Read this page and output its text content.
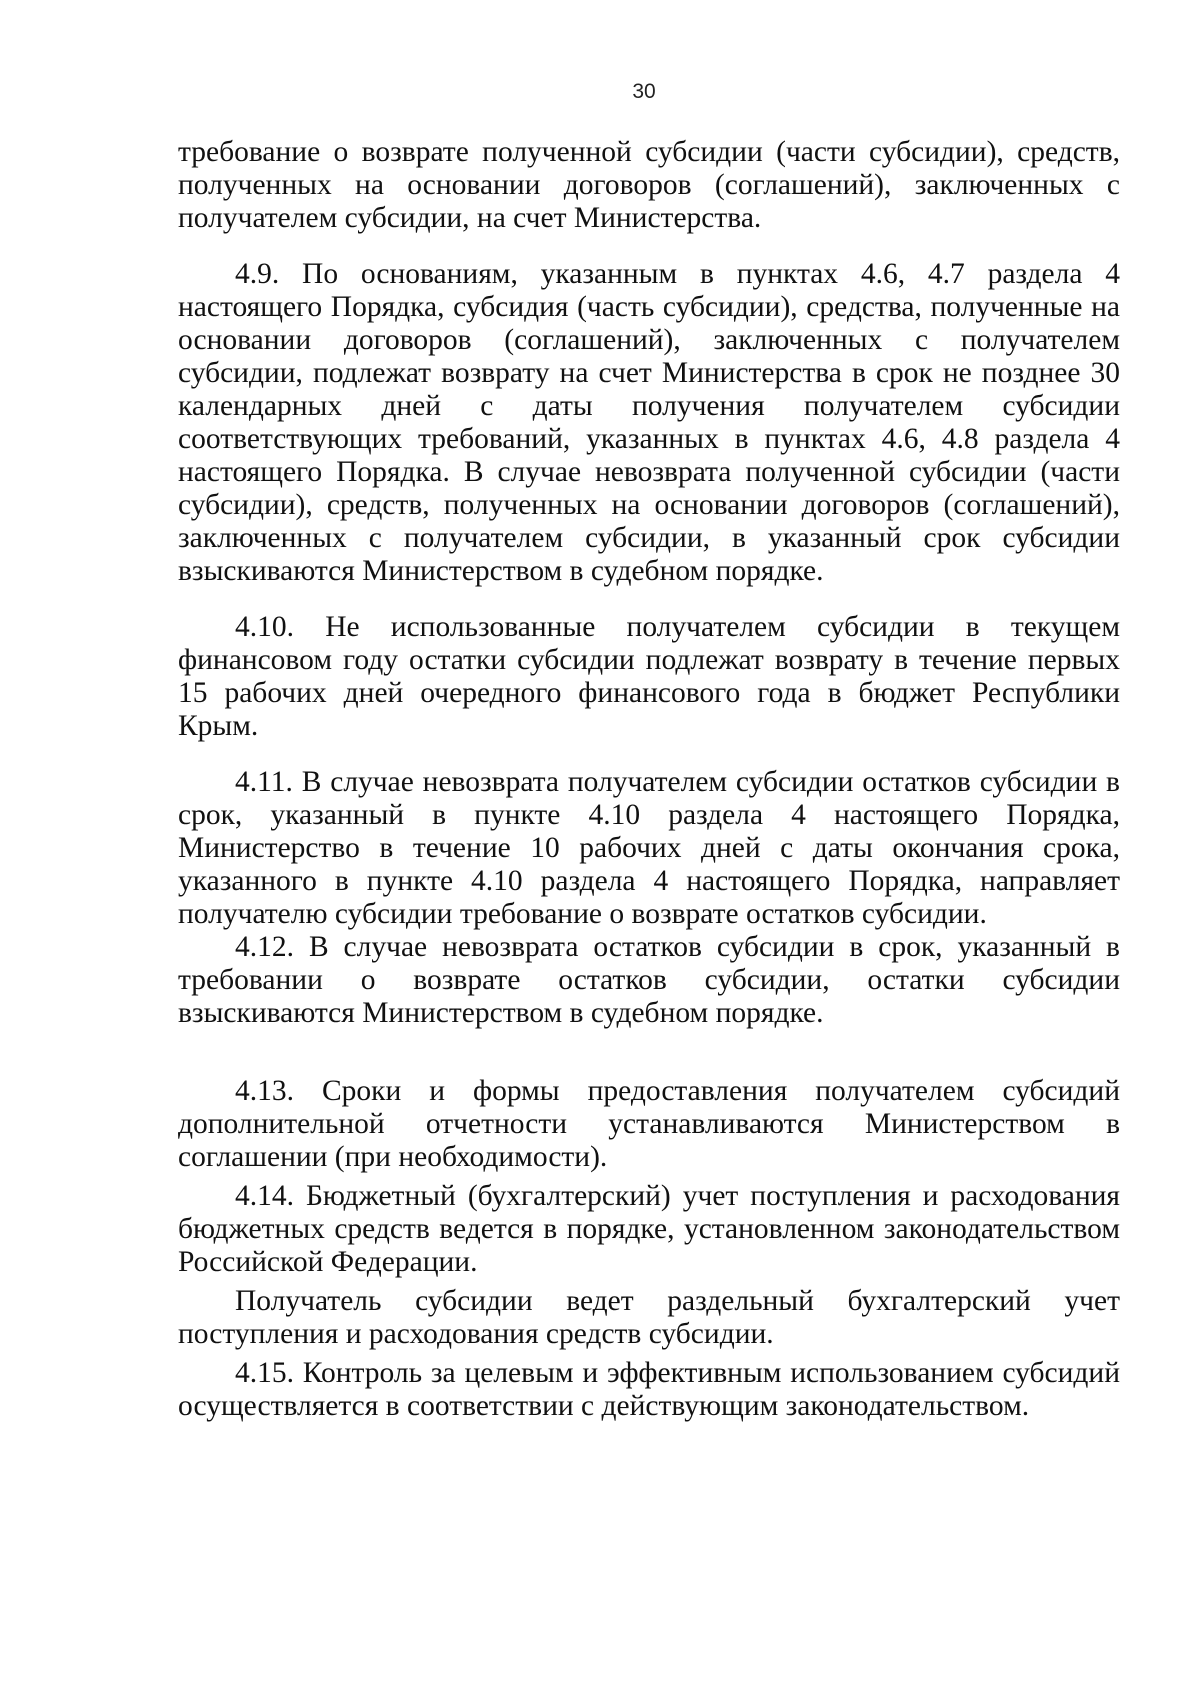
30

требование о возврате полученной субсидии (части субсидии), средств, полученных на основании договоров (соглашений), заключенных с получателем субсидии, на счет Министерства.

4.9. По основаниям, указанным в пунктах 4.6, 4.7 раздела 4 настоящего Порядка, субсидия (часть субсидии), средства, полученные на основании договоров (соглашений), заключенных с получателем субсидии, подлежат возврату на счет Министерства в срок не позднее 30 календарных дней с даты получения получателем субсидии соответствующих требований, указанных в пунктах 4.6, 4.8 раздела 4 настоящего Порядка. В случае невозврата полученной субсидии (части субсидии), средств, полученных на основании договоров (соглашений), заключенных с получателем субсидии, в указанный срок субсидии взыскиваются Министерством в судебном порядке.

4.10. Не использованные получателем субсидии в текущем финансовом году остатки субсидии подлежат возврату в течение первых 15 рабочих дней очередного финансового года в бюджет Республики Крым.

4.11. В случае невозврата получателем субсидии остатков субсидии в срок, указанный в пункте 4.10 раздела 4 настоящего Порядка, Министерство в течение 10 рабочих дней с даты окончания срока, указанного в пункте 4.10 раздела 4 настоящего Порядка, направляет получателю субсидии требование о возврате остатков субсидии.

4.12. В случае невозврата остатков субсидии в срок, указанный в требовании о возврате остатков субсидии, остатки субсидии взыскиваются Министерством в судебном порядке.

4.13. Сроки и формы предоставления получателем субсидий дополнительной отчетности устанавливаются Министерством в соглашении (при необходимости).

4.14. Бюджетный (бухгалтерский) учет поступления и расходования бюджетных средств ведется в порядке, установленном законодательством Российской Федерации.

Получатель субсидии ведет раздельный бухгалтерский учет поступления и расходования средств субсидии.

4.15. Контроль за целевым и эффективным использованием субсидий осуществляется в соответствии с действующим законодательством.
